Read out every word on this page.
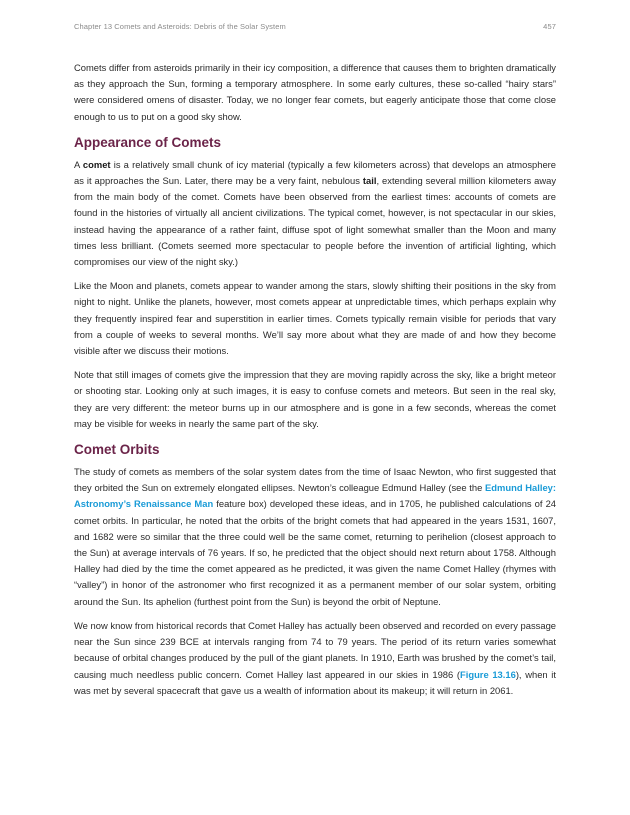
Chapter 13 Comets and Asteroids: Debris of the Solar System	457

Comets differ from asteroids primarily in their icy composition, a difference that causes them to brighten dramatically as they approach the Sun, forming a temporary atmosphere. In some early cultures, these so-called “hairy stars” were considered omens of disaster. Today, we no longer fear comets, but eagerly anticipate those that come close enough to us to put on a good sky show.

Appearance of Comets

A comet is a relatively small chunk of icy material (typically a few kilometers across) that develops an atmosphere as it approaches the Sun. Later, there may be a very faint, nebulous tail, extending several million kilometers away from the main body of the comet. Comets have been observed from the earliest times: accounts of comets are found in the histories of virtually all ancient civilizations. The typical comet, however, is not spectacular in our skies, instead having the appearance of a rather faint, diffuse spot of light somewhat smaller than the Moon and many times less brilliant. (Comets seemed more spectacular to people before the invention of artificial lighting, which compromises our view of the night sky.)

Like the Moon and planets, comets appear to wander among the stars, slowly shifting their positions in the sky from night to night. Unlike the planets, however, most comets appear at unpredictable times, which perhaps explain why they frequently inspired fear and superstition in earlier times. Comets typically remain visible for periods that vary from a couple of weeks to several months. We’ll say more about what they are made of and how they become visible after we discuss their motions.

Note that still images of comets give the impression that they are moving rapidly across the sky, like a bright meteor or shooting star. Looking only at such images, it is easy to confuse comets and meteors. But seen in the real sky, they are very different: the meteor burns up in our atmosphere and is gone in a few seconds, whereas the comet may be visible for weeks in nearly the same part of the sky.

Comet Orbits

The study of comets as members of the solar system dates from the time of Isaac Newton, who first suggested that they orbited the Sun on extremely elongated ellipses. Newton’s colleague Edmund Halley (see the Edmund Halley: Astronomy’s Renaissance Man feature box) developed these ideas, and in 1705, he published calculations of 24 comet orbits. In particular, he noted that the orbits of the bright comets that had appeared in the years 1531, 1607, and 1682 were so similar that the three could well be the same comet, returning to perihelion (closest approach to the Sun) at average intervals of 76 years. If so, he predicted that the object should next return about 1758. Although Halley had died by the time the comet appeared as he predicted, it was given the name Comet Halley (rhymes with “valley”) in honor of the astronomer who first recognized it as a permanent member of our solar system, orbiting around the Sun. Its aphelion (furthest point from the Sun) is beyond the orbit of Neptune.

We now know from historical records that Comet Halley has actually been observed and recorded on every passage near the Sun since 239 BCE at intervals ranging from 74 to 79 years. The period of its return varies somewhat because of orbital changes produced by the pull of the giant planets. In 1910, Earth was brushed by the comet’s tail, causing much needless public concern. Comet Halley last appeared in our skies in 1986 (Figure 13.16), when it was met by several spacecraft that gave us a wealth of information about its makeup; it will return in 2061.
